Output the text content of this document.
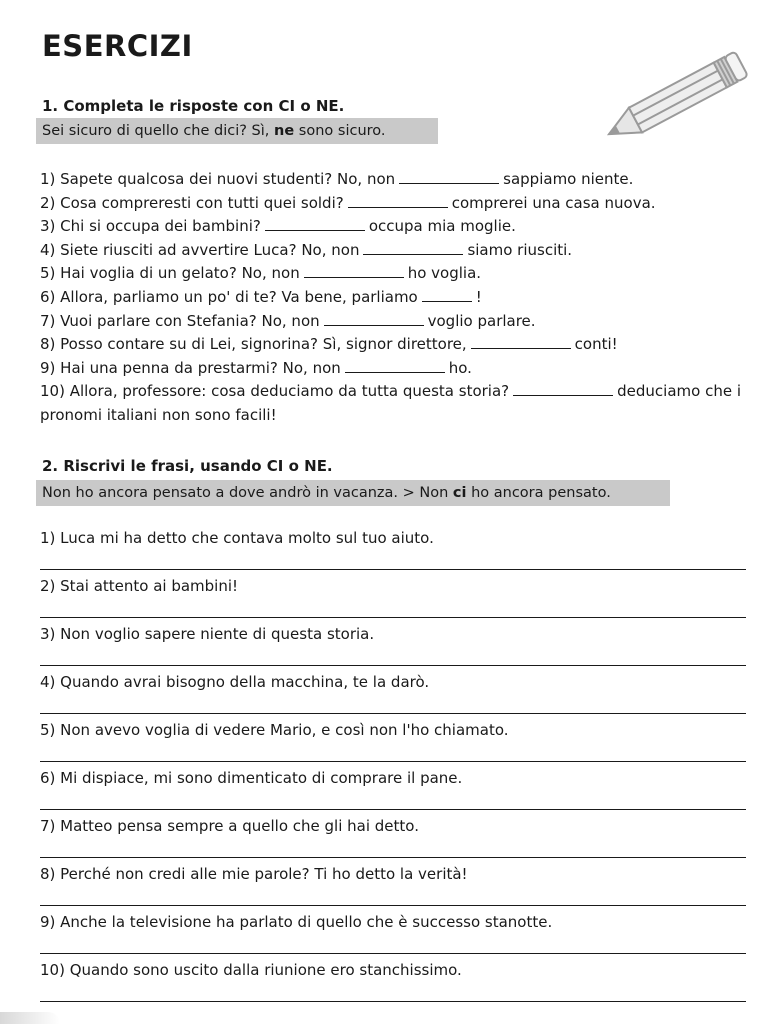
ESERCIZI
1. Completa le risposte con CI o NE.
Sei sicuro di quello che dici? Sì, ne sono sicuro.
1) Sapete qualcosa dei nuovi studenti? No, non	sappiamo niente.
2) Cosa compreresti con tutti quei soldi?	comprerei una casa nuova.
3) Chi si occupa dei bambini?	occupa mia moglie.
4) Siete riusciti ad avvertire Luca? No, non	siamo riusciti.
5) Hai voglia di un gelato? No, non	ho voglia.
6) Allora, parliamo un po' di te? Va bene, parliamo	!
7) Vuoi parlare con Stefania? No, non	voglio parlare.
8) Posso contare su di Lei, signorina? Sì, signor direttore,	conti!
9) Hai una penna da prestarmi? No, non	ho.
10) Allora, professore: cosa deduciamo da tutta questa storia?	deduciamo che i pronomi italiani non sono facili!
2. Riscrivi le frasi, usando CI o NE.
Non ho ancora pensato a dove andrò in vacanza. > Non ci ho ancora pensato.
1) Luca mi ha detto che contava molto sul tuo aiuto.
2) Stai attento ai bambini!
3) Non voglio sapere niente di questa storia.
4) Quando avrai bisogno della macchina, te la darò.
5) Non avevo voglia di vedere Mario, e così non l'ho chiamato.
6) Mi dispiace, mi sono dimenticato di comprare il pane.
7) Matteo pensa sempre a quello che gli hai detto.
8) Perché non credi alle mie parole? Ti ho detto la verità!
9) Anche la televisione ha parlato di quello che è successo stanotte.
10) Quando sono uscito dalla riunione ero stanchissimo.
